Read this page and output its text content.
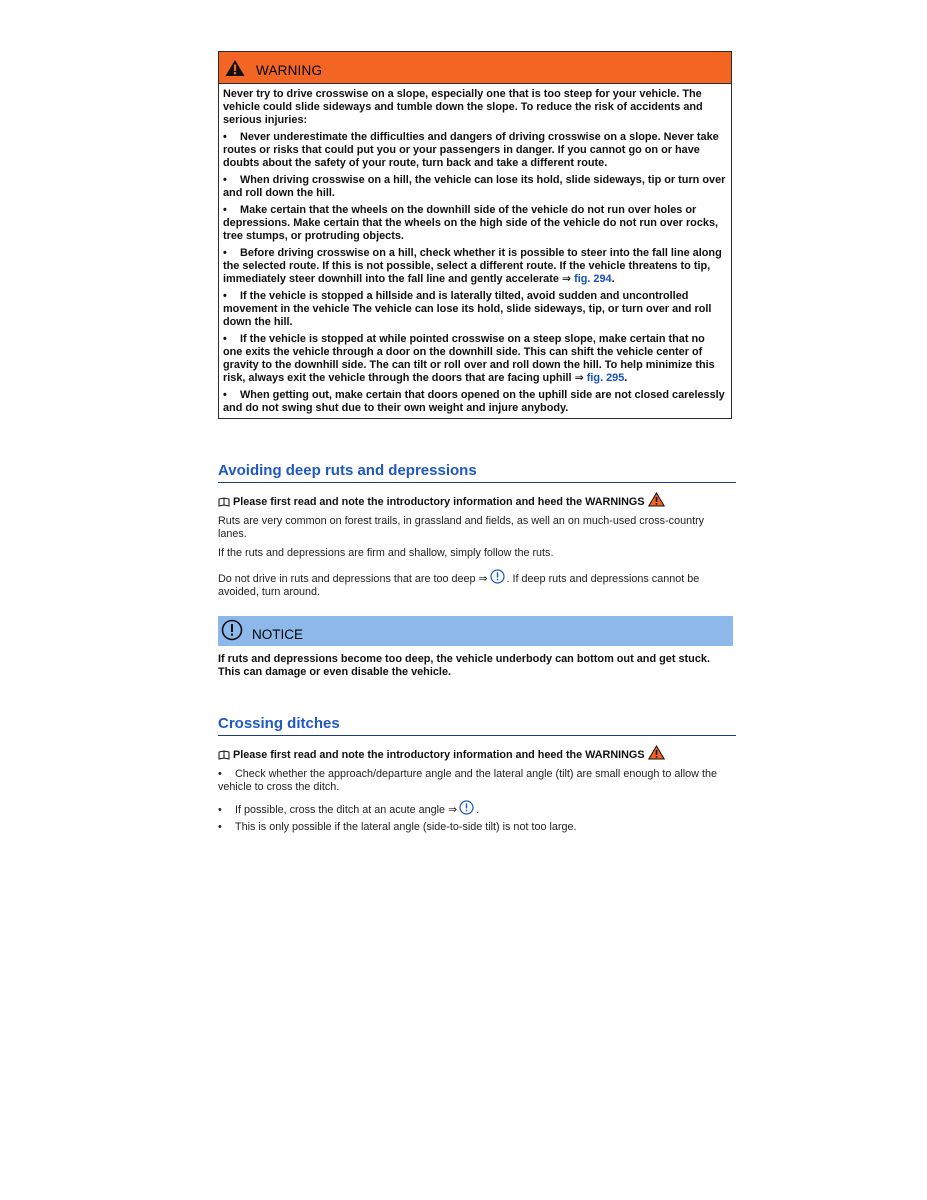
WARNING

Never try to drive crosswise on a slope, especially one that is too steep for your vehicle. The vehicle could slide sideways and tumble down the slope. To reduce the risk of accidents and serious injuries:

• Never underestimate the difficulties and dangers of driving crosswise on a slope. Never take routes or risks that could put you or your passengers in danger. If you cannot go on or have doubts about the safety of your route, turn back and take a different route.

• When driving crosswise on a hill, the vehicle can lose its hold, slide sideways, tip or turn over and roll down the hill.

• Make certain that the wheels on the downhill side of the vehicle do not run over holes or depressions. Make certain that the wheels on the high side of the vehicle do not run over rocks, tree stumps, or protruding objects.

• Before driving crosswise on a hill, check whether it is possible to steer into the fall line along the selected route. If this is not possible, select a different route. If the vehicle threatens to tip, immediately steer downhill into the fall line and gently accelerate ⇒ fig. 294.

• If the vehicle is stopped a hillside and is laterally tilted, avoid sudden and uncontrolled movement in the vehicle The vehicle can lose its hold, slide sideways, tip, or turn over and roll down the hill.

• If the vehicle is stopped at while pointed crosswise on a steep slope, make certain that no one exits the vehicle through a door on the downhill side. This can shift the vehicle center of gravity to the downhill side. The can tilt or roll over and roll down the hill. To help minimize this risk, always exit the vehicle through the doors that are facing uphill ⇒ fig. 295.

• When getting out, make certain that doors opened on the uphill side are not closed carelessly and do not swing shut due to their own weight and injure anybody.

Avoiding deep ruts and depressions
Please first read and note the introductory information and heed the WARNINGS

Ruts are very common on forest trails, in grassland and fields, as well an on much-used cross-country lanes.

If the ruts and depressions are firm and shallow, simply follow the ruts.

Do not drive in ruts and depressions that are too deep ⇒ . If deep ruts and depressions cannot be avoided, turn around.

NOTICE

If ruts and depressions become too deep, the vehicle underbody can bottom out and get stuck. This can damage or even disable the vehicle.

Crossing ditches
Please first read and note the introductory information and heed the WARNINGS

• Check whether the approach/departure angle and the lateral angle (tilt) are small enough to allow the vehicle to cross the ditch.

• If possible, cross the ditch at an acute angle ⇒ .

• This is only possible if the lateral angle (side-to-side tilt) is not too large.
